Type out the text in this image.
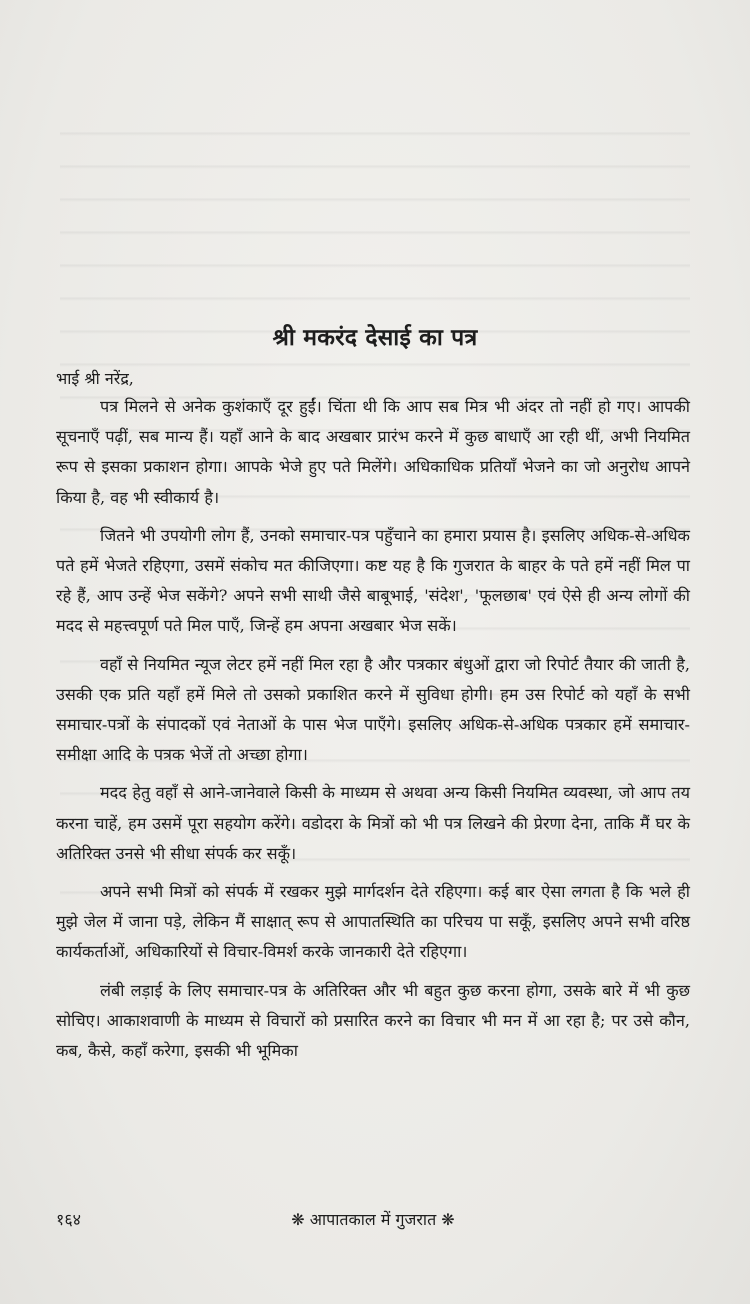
श्री मकरंद देसाई का पत्र
भाई श्री नरेंद्र,

पत्र मिलने से अनेक कुशंकाएँ दूर हुईं। चिंता थी कि आप सब मित्र भी अंदर तो नहीं हो गए। आपकी सूचनाएँ पढ़ीं, सब मान्य हैं। यहाँ आने के बाद अखबार प्रारंभ करने में कुछ बाधाएँ आ रही थीं, अभी नियमित रूप से इसका प्रकाशन होगा। आपके भेजे हुए पते मिलेंगे। अधिकाधिक प्रतियाँ भेजने का जो अनुरोध आपने किया है, वह भी स्वीकार्य है।

जितने भी उपयोगी लोग हैं, उनको समाचार-पत्र पहुँचाने का हमारा प्रयास है। इसलिए अधिक-से-अधिक पते हमें भेजते रहिएगा, उसमें संकोच मत कीजिएगा। कष्ट यह है कि गुजरात के बाहर के पते हमें नहीं मिल पा रहे हैं, आप उन्हें भेज सकेंगे? अपने सभी साथी जैसे बाबूभाई, 'संदेश', 'फूलछाब' एवं ऐसे ही अन्य लोगों की मदद से महत्त्वपूर्ण पते मिल पाएँ, जिन्हें हम अपना अखबार भेज सकें।

वहाँ से नियमित न्यूज लेटर हमें नहीं मिल रहा है और पत्रकार बंधुओं द्वारा जो रिपोर्ट तैयार की जाती है, उसकी एक प्रति यहाँ हमें मिले तो उसको प्रकाशित करने में सुविधा होगी। हम उस रिपोर्ट को यहाँ के सभी समाचार-पत्रों के संपादकों एवं नेताओं के पास भेज पाएँगे। इसलिए अधिक-से-अधिक पत्रकार हमें समाचार-समीक्षा आदि के पत्रक भेजें तो अच्छा होगा।

मदद हेतु वहाँ से आने-जानेवाले किसी के माध्यम से अथवा अन्य किसी नियमित व्यवस्था, जो आप तय करना चाहें, हम उसमें पूरा सहयोग करेंगे। वडोदरा के मित्रों को भी पत्र लिखने की प्रेरणा देना, ताकि मैं घर के अतिरिक्त उनसे भी सीधा संपर्क कर सकूँ।

अपने सभी मित्रों को संपर्क में रखकर मुझे मार्गदर्शन देते रहिएगा। कई बार ऐसा लगता है कि भले ही मुझे जेल में जाना पड़े, लेकिन मैं साक्षात् रूप से आपातस्थिति का परिचय पा सकूँ, इसलिए अपने सभी वरिष्ठ कार्यकर्ताओं, अधिकारियों से विचार-विमर्श करके जानकारी देते रहिएगा।

लंबी लड़ाई के लिए समाचार-पत्र के अतिरिक्त और भी बहुत कुछ करना होगा, उसके बारे में भी कुछ सोचिए। आकाशवाणी के माध्यम से विचारों को प्रसारित करने का विचार भी मन में आ रहा है; पर उसे कौन, कब, कैसे, कहाँ करेगा, इसकी भी भूमिका

१६४	❋ आपातकाल में गुजरात ❋
